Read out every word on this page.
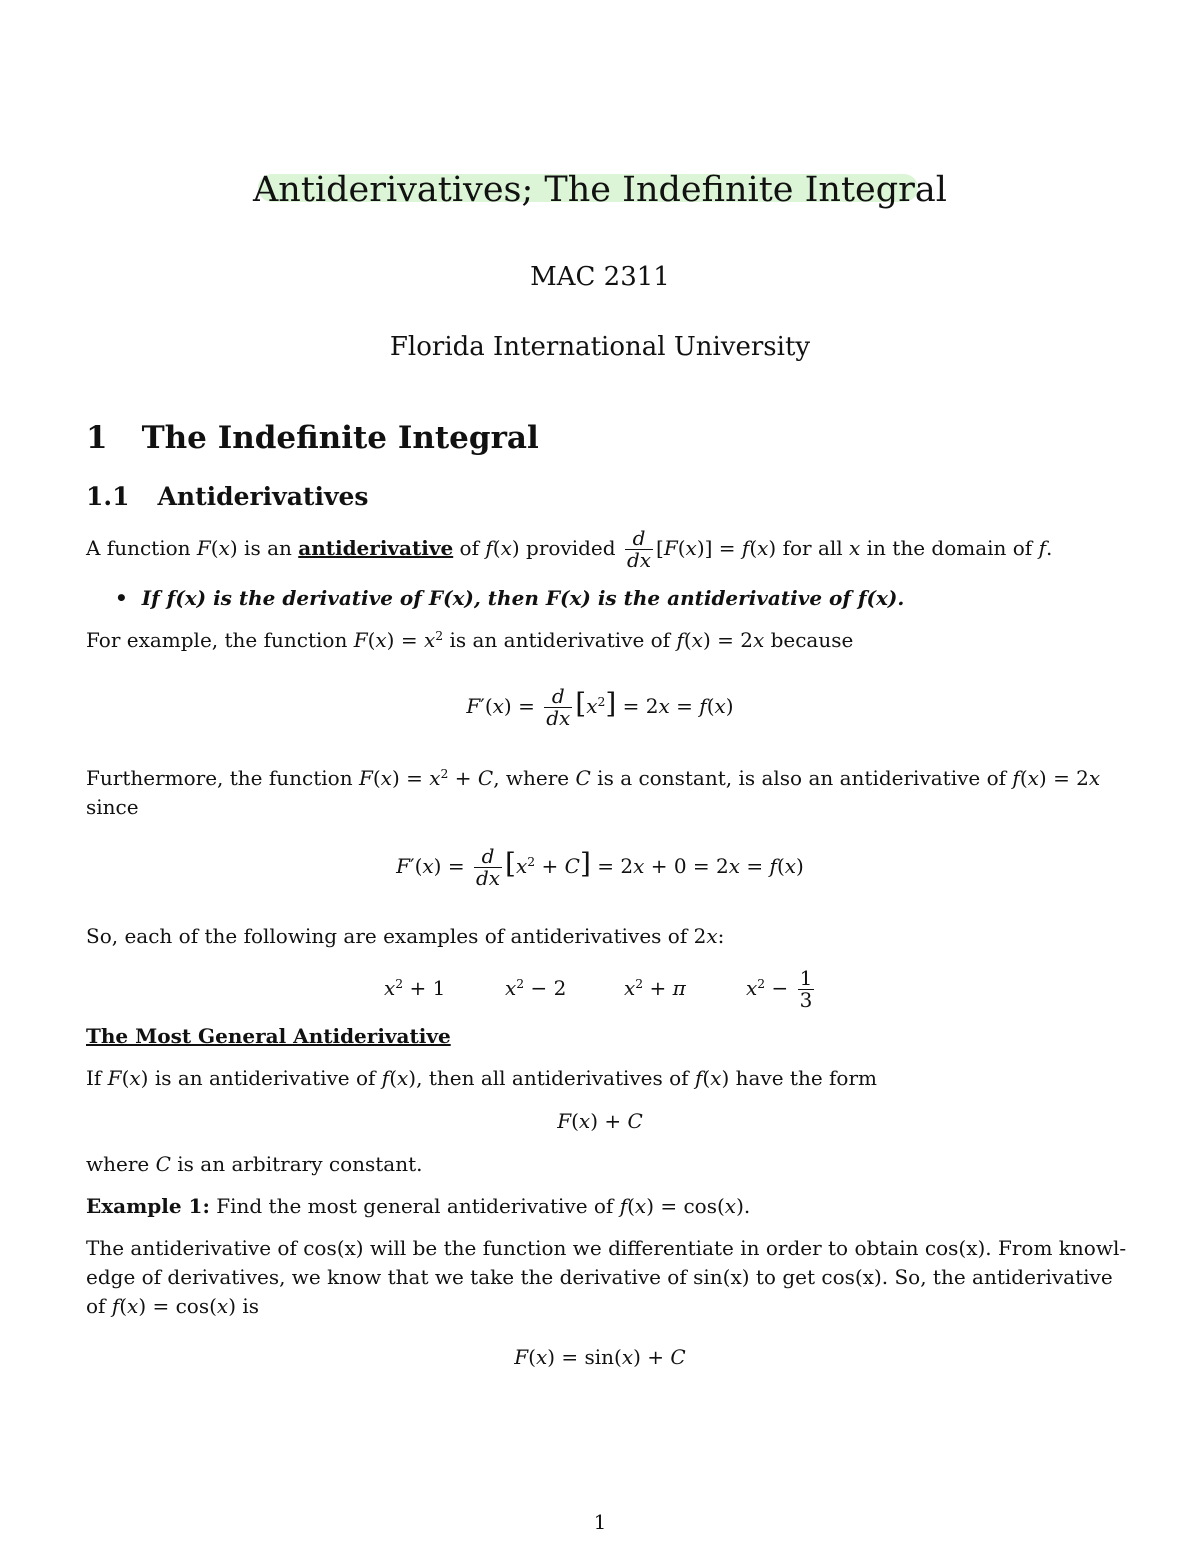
Antiderivatives; The Indefinite Integral
MAC 2311
Florida International University
1 The Indefinite Integral
1.1 Antiderivatives
A function F(x) is an antiderivative of f(x) provided $\frac{d}{dx} [F(x)] = f(x)$ for all x in the domain of f.
• If f(x) is the derivative of F(x), then F(x) is the antiderivative of f(x).
For example, the function $F(x) = x^2$ is an antiderivative of f(x) = 2x because
$F'(x) = \frac{d}{dx} [x^2] = 2x = f(x)$
Furthermore, the function $F(x) = x^2 + C$, where C is a constant, is also an antiderivative of f(x) = 2x
since
$F'(x) = \frac{d}{dx} [x^2 + C] = 2x + 0 = 2x = f(x)$
So, each of the following are examples of antiderivatives of 2x:
$x^2 + 1$	$x^2 - 2$	$x^2 + \pi$	$x^2 - \frac{1}{3}$
The Most General Antiderivative
If F(x) is an antiderivative of f(x), then all antiderivatives of f(x) have the form
F(x) + C
where C is an arbitrary constant.
Example 1: Find the most general antiderivative of f(x) = cos(x).
The antiderivative of cos(x) will be the function we differentiate in order to obtain cos(x). From knowl-
edge of derivatives, we know that we take the derivative of sin(x) to get cos(x). So, the antiderivative
of f(x) = cos(x) is
F(x) = sin(x) + C
1
